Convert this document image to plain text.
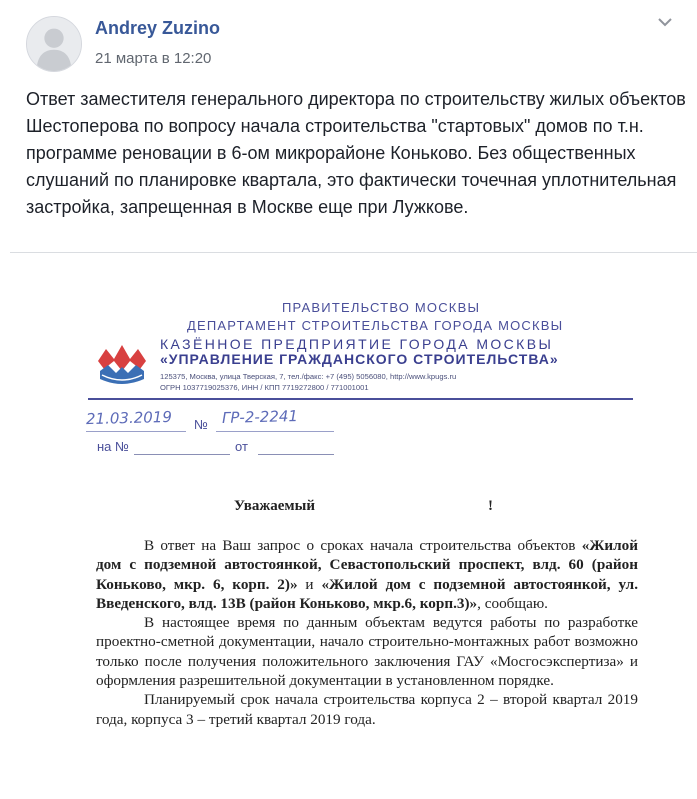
Andrey Zuzino
21 марта в 12:20
Ответ заместителя генерального директора по строительству жилых объектов Шестоперова по вопросу начала строительства "стартовых" домов по т.н. программе реновации в 6-ом микрорайоне Коньково. Без общественных слушаний по планировке квартала, это фактически точечная уплотнительная застройка, запрещенная в Москве еще при Лужкове.
ПРАВИТЕЛЬСТВО МОСКВЫ
ДЕПАРТАМЕНТ СТРОИТЕЛЬСТВА ГОРОДА МОСКВЫ
КАЗЁННОЕ ПРЕДПРИЯТИЕ ГОРОДА МОСКВЫ
«УПРАВЛЕНИЕ ГРАЖДАНСКОГО СТРОИТЕЛЬСТВА»
125375, Москва, улица Тверская, 7, тел./факс: +7 (495) 5056080, http://www.kpugs.ru
ОГРН 1037719025376, ИНН / КПП 7719272800 / 771001001
21.03.2019 № ГР-2-2241
на №	от
Уважаемый	!

В ответ на Ваш запрос о сроках начала строительства объектов «Жилой дом с подземной автостоянкой, Севастопольский проспект, влд. 60 (район Коньково, мкр. 6, корп. 2)» и «Жилой дом с подземной автостоянкой, ул. Введенского, влд. 13В (район Коньково, мкр.6, корп.3)», сообщаю.

В настоящее время по данным объектам ведутся работы по разработке проектно-сметной документации, начало строительно-монтажных работ возможно только после получения положительного заключения ГАУ «Мосгосэкспертиза» и оформления разрешительной документации в установленном порядке.

Планируемый срок начала строительства корпуса 2 – второй квартал 2019 года, корпуса 3 – третий квартал 2019 года.
